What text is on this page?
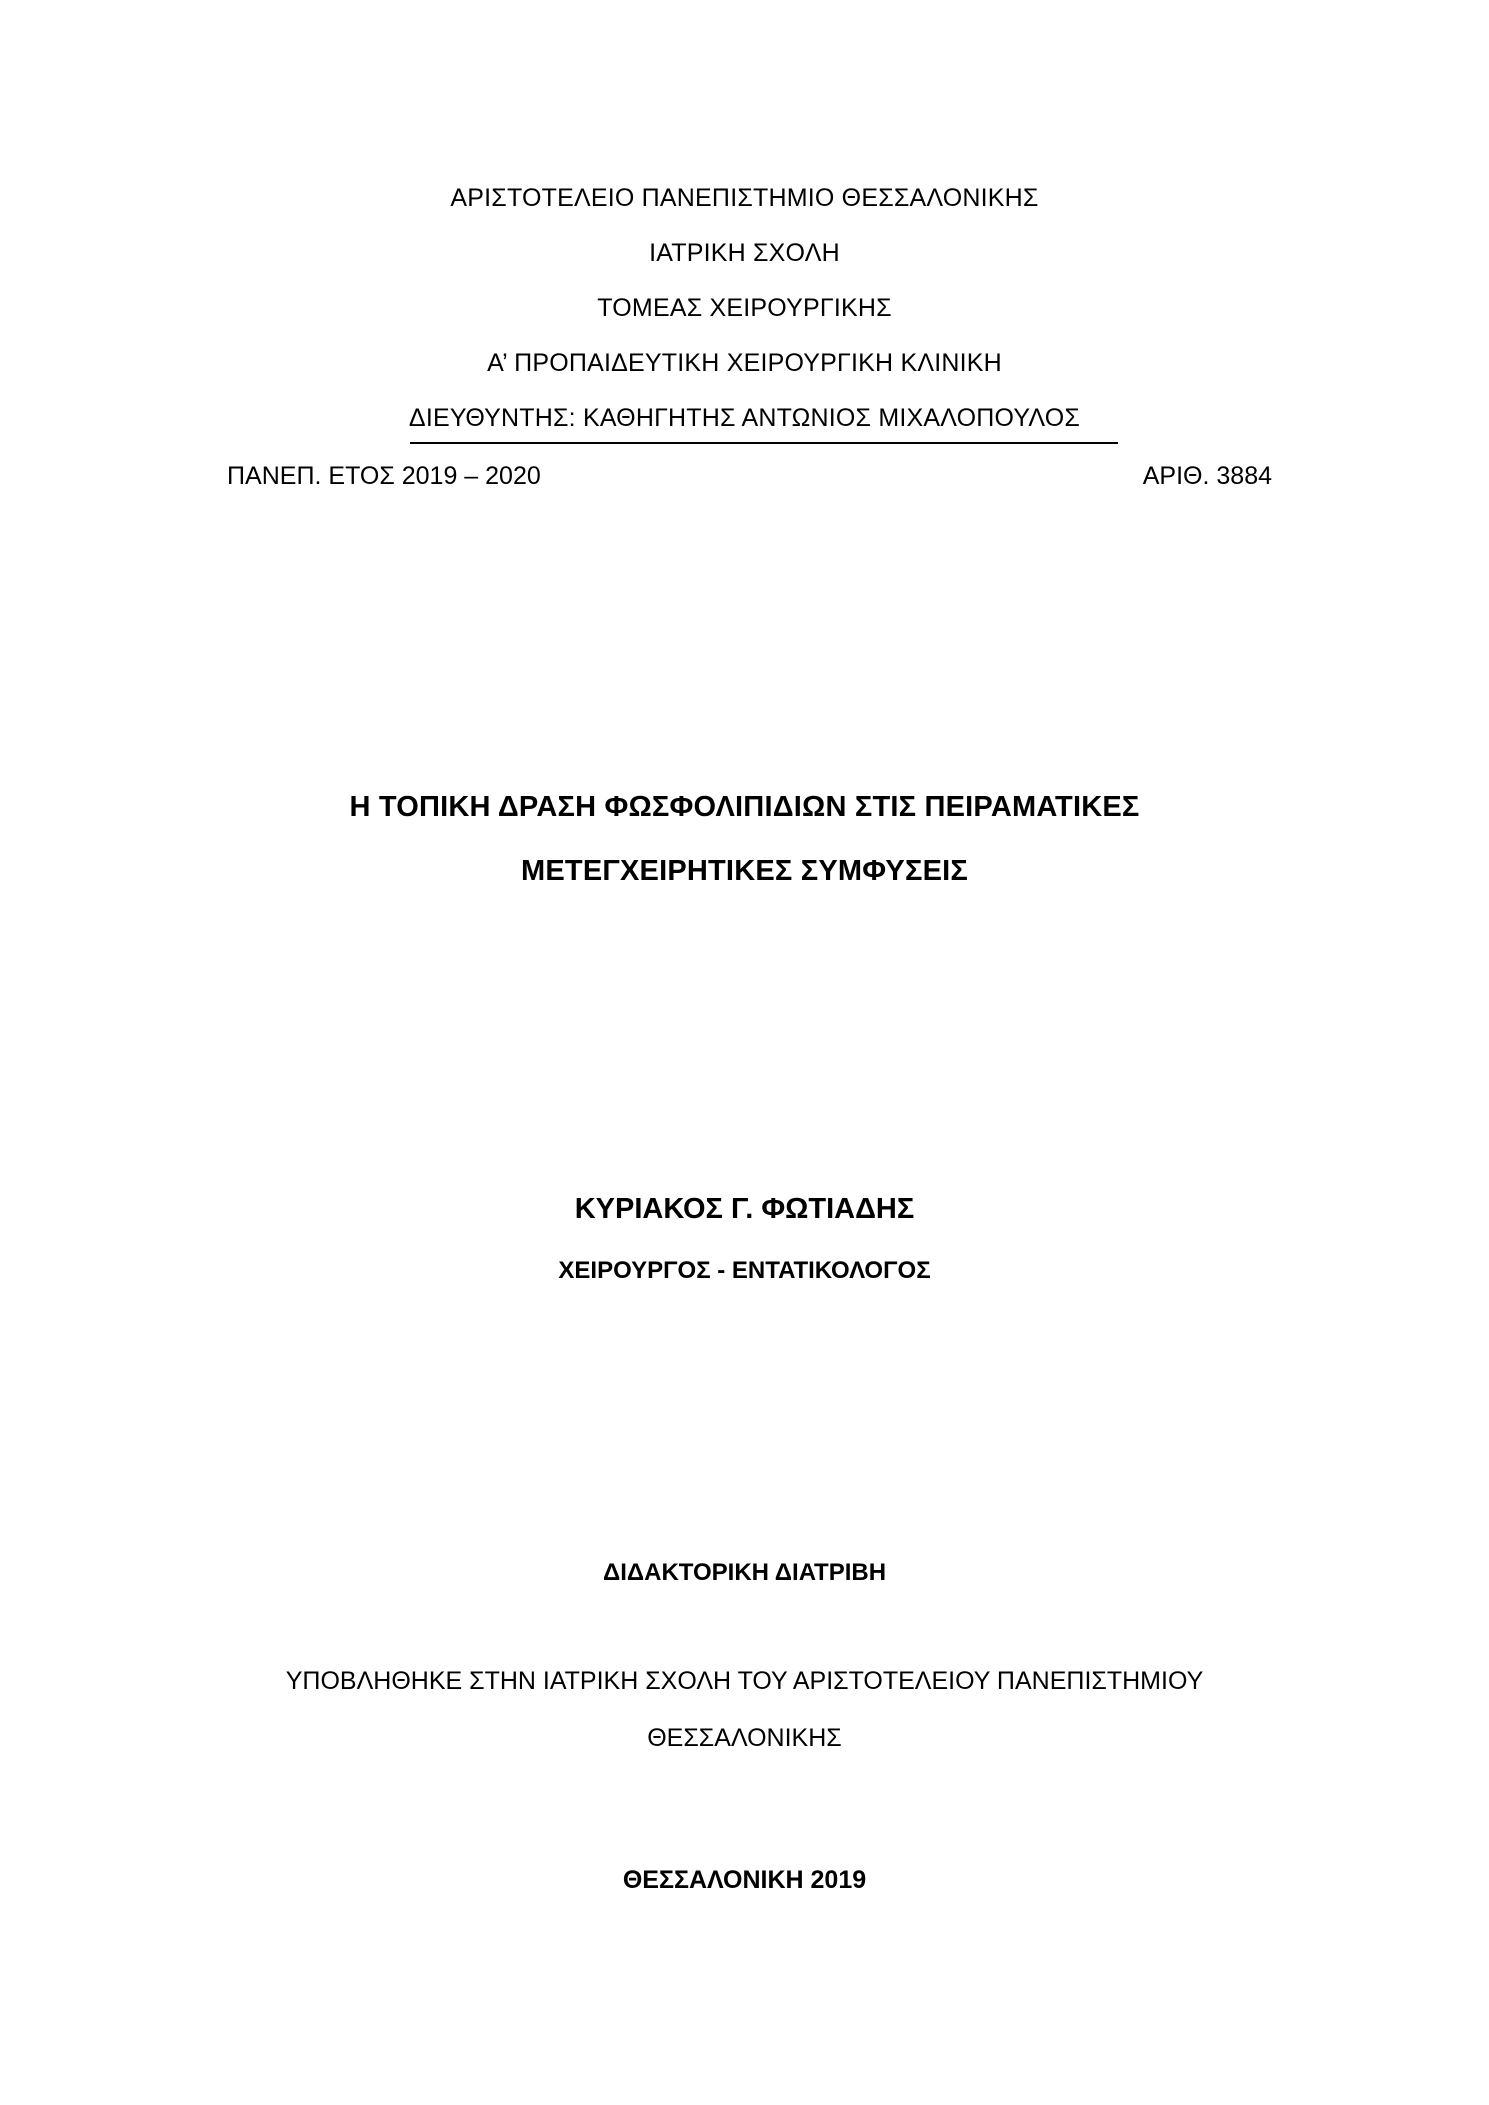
ΑΡΙΣΤΟΤΕΛΕΙΟ ΠΑΝΕΠΙΣΤΗΜΙΟ ΘΕΣΣΑΛΟΝΙΚΗΣ
ΙΑΤΡΙΚΗ ΣΧΟΛΗ
ΤΟΜΕΑΣ ΧΕΙΡΟΥΡΓΙΚΗΣ
Α’ ΠΡΟΠΑΙΔΕΥΤΙΚΗ ΧΕΙΡΟΥΡΓΙΚΗ ΚΛΙΝΙΚΗ
ΔΙΕΥΘΥΝΤΗΣ: ΚΑΘΗΓΗΤΗΣ ΑΝΤΩΝΙΟΣ ΜΙΧΑΛΟΠΟΥΛΟΣ
ΠΑΝΕΠ. ΕΤΟΣ 2019 – 2020	ΑΡΙΘ. 3884
Η ΤΟΠΙΚΗ ΔΡΑΣΗ ΦΩΣΦΟΛΙΠΙΔΙΩΝ ΣΤΙΣ ΠΕΙΡΑΜΑΤΙΚΕΣ
ΜΕΤΕΓΧΕΙΡΗΤΙΚΕΣ ΣΥΜΦΥΣΕΙΣ
ΚΥΡΙΑΚΟΣ Γ. ΦΩΤΙΑΔΗΣ
ΧΕΙΡΟΥΡΓΟΣ - ΕΝΤΑΤΙΚΟΛΟΓΟΣ
ΔΙΔΑΚΤΟΡΙΚΗ ΔΙΑΤΡΙΒΗ
ΥΠΟΒΛΗΘΗΚΕ ΣΤΗΝ ΙΑΤΡΙΚΗ ΣΧΟΛΗ ΤΟΥ ΑΡΙΣΤΟΤΕΛΕΙΟΥ ΠΑΝΕΠΙΣΤΗΜΙΟΥ
ΘΕΣΣΑΛΟΝΙΚΗΣ
ΘΕΣΣΑΛΟΝΙΚΗ 2019
